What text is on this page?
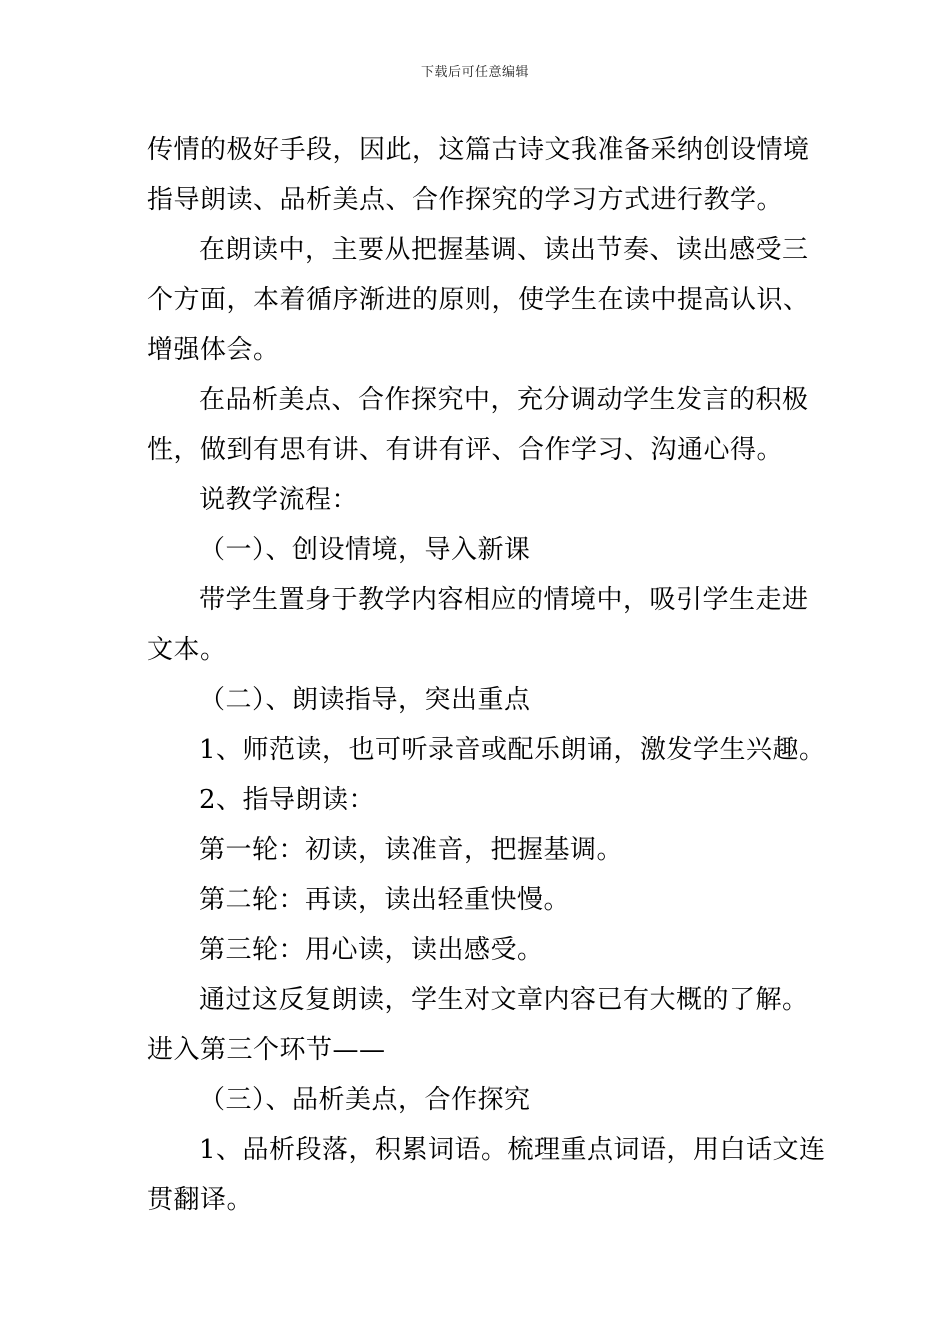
下载后可任意编辑
传情的极好手段，因此，这篇古诗文我准备采纳创设情境
指导朗读、品析美点、合作探究的学习方式进行教学。
在朗读中，主要从把握基调、读出节奏、读出感受三
个方面，本着循序渐进的原则，使学生在读中提高认识、
增强体会。
在品析美点、合作探究中，充分调动学生发言的积极
性，做到有思有讲、有讲有评、合作学习、沟通心得。
说教学流程：
（一）、创设情境，导入新课
带学生置身于教学内容相应的情境中，吸引学生走进
文本。
（二）、朗读指导，突出重点
1、师范读，也可听录音或配乐朗诵，激发学生兴趣。
2、指导朗读：
第一轮：初读，读准音，把握基调。
第二轮：再读，读出轻重快慢。
第三轮：用心读，读出感受。
通过这反复朗读，学生对文章内容已有大概的了解。
进入第三个环节——
（三）、品析美点，合作探究
1、品析段落，积累词语。梳理重点词语，用白话文连
贯翻译。
